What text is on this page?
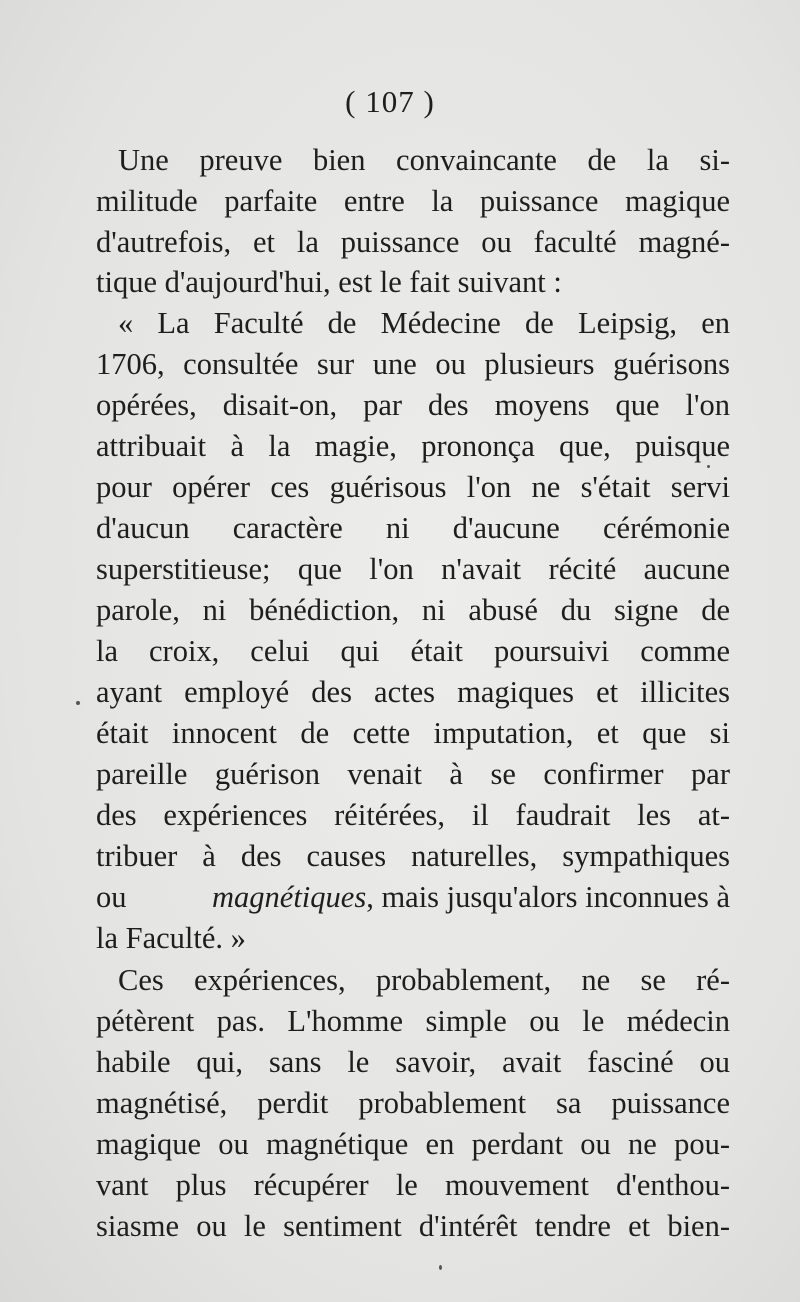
( 107 )
Une preuve bien convaincante de la si-
militude parfaite entre la puissance magique
d'autrefois, et la puissance ou faculté magné-
tique d'aujourd'hui, est le fait suivant :
« La Faculté de Médecine de Leipsig, en
1706, consultée sur une ou plusieurs guérisons
opérées, disait-on, par des moyens que l'on
attribuait à la magie, prononça que, puisque
pour opérer ces guérisous l'on ne s'était servi
d'aucun caractère ni d'aucune cérémonie
superstitieuse; que l'on n'avait récité aucune
parole, ni bénédiction, ni abusé du signe de
la croix, celui qui était poursuivi comme
ayant employé des actes magiques et illicites
était innocent de cette imputation, et que si
pareille guérison venait à se confirmer par
des expériences réitérées, il faudrait les at-
tribuer à des causes naturelles, sympathiques
ou	magnétiques, mais jusqu'alors inconnues à
la Faculté. »
Ces expériences, probablement, ne se ré-
pétèrent pas. L'homme simple ou le médecin
habile qui, sans le savoir, avait fasciné ou
magnétisé, perdit probablement sa puissance
magique ou magnétique en perdant ou ne pou-
vant plus récupérer le mouvement d'enthou-
siasme ou le sentiment d'intérêt tendre et bien-
